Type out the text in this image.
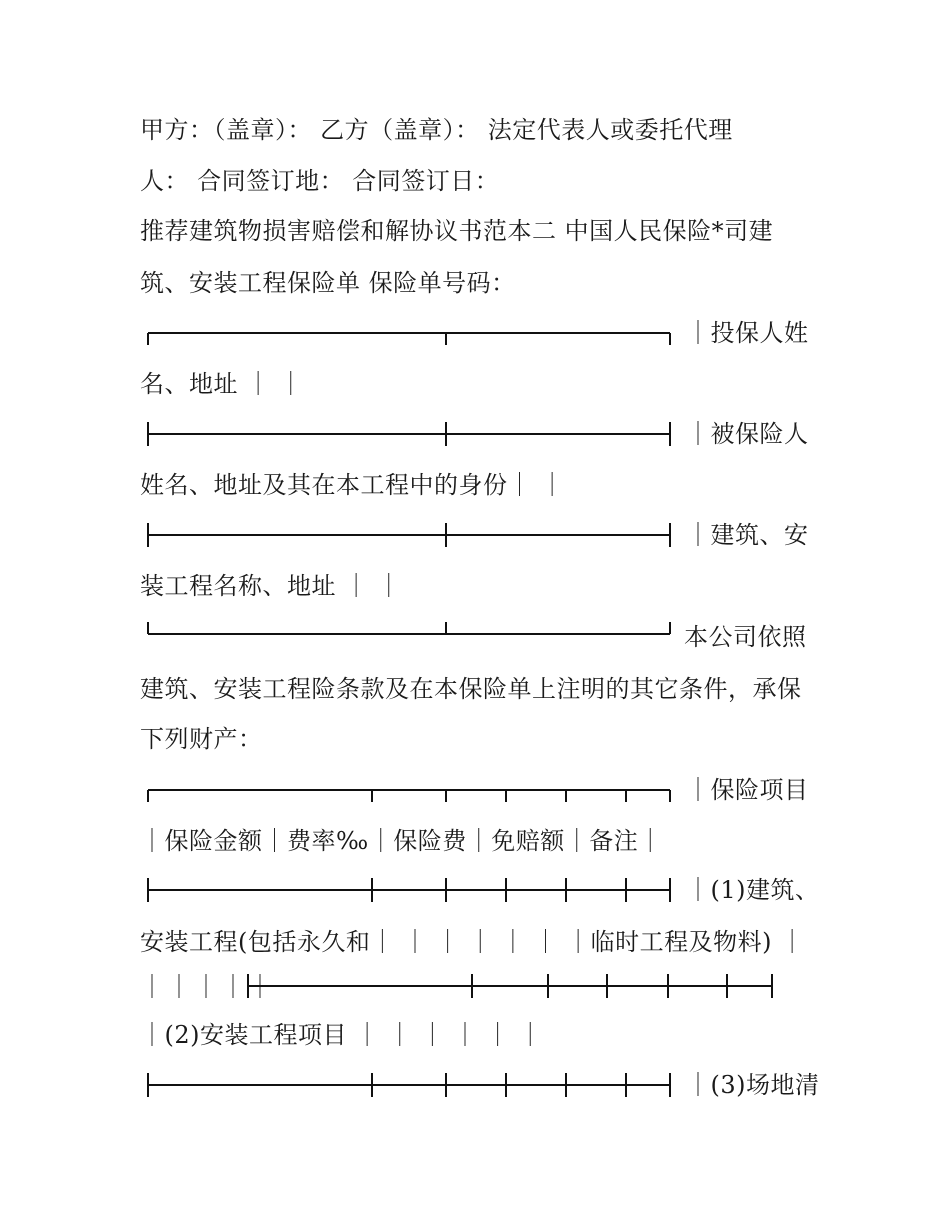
甲方：（盖章）： 乙方（盖章）： 法定代表人或委托代理
人： 合同签订地： 合同签订日：
推荐建筑物损害赔偿和解协议书范本二 中国人民保险*司建
筑、安装工程保险单 保险单号码：
｜投保人姓
名、地址 ｜ ｜
｜被保险人
姓名、地址及其在本工程中的身份｜ ｜
｜建筑、安
装工程名称、地址 ｜ ｜
本公司依照
建筑、安装工程险条款及在本保险单上注明的其它条件，承保
下列财产：
｜保险项目
｜保险金额｜费率‰｜保险费｜免赔额｜备注｜
｜(1)建筑、
安装工程(包括永久和｜ ｜ ｜ ｜ ｜ ｜ ｜临时工程及物料) ｜
｜｜｜｜｜
｜(2)安装工程项目 ｜ ｜ ｜ ｜ ｜ ｜
｜(3)场地清
